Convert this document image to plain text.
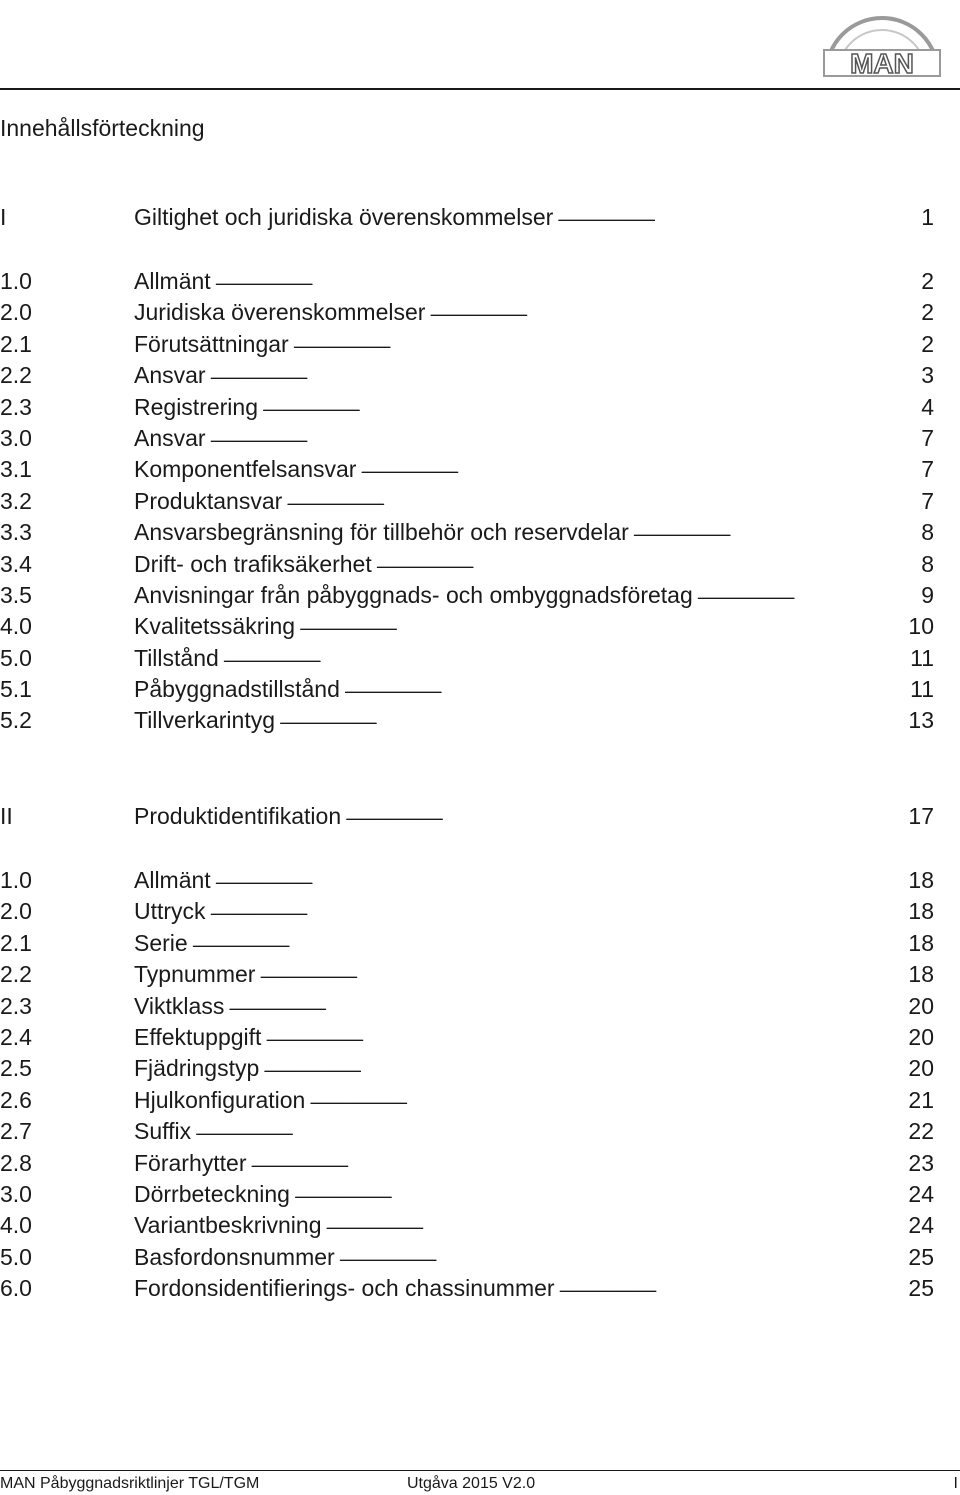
MAN
Innehållsförteckning
I	Giltighet och juridiska överenskommelser . . .	1
1.0	Allmänt . . .	2
2.0	Juridiska överenskommelser . . .	2
2.1	Förutsättningar . . .	2
2.2	Ansvar . . .	3
2.3	Registrering . . .	4
3.0	Ansvar . . .	7
3.1	Komponentfelsansvar . . .	7
3.2	Produktansvar . . .	7
3.3	Ansvarsbegränsning för tillbehör och reservdelar . . .	8
3.4	Drift- och trafiksäkerhet . . .	8
3.5	Anvisningar från påbyggnads- och ombyggnadsföretag . . .	9
4.0	Kvalitetssäkring . . .	10
5.0	Tillstånd . . .	11
5.1	Påbyggnadstillstånd . . .	11
5.2	Tillverkarintyg . . .	13
II	Produktidentifikation . . .	17
1.0	Allmänt . . .	18
2.0	Uttryck . . .	18
2.1	Serie . . .	18
2.2	Typnummer . . .	18
2.3	Viktklass . . .	20
2.4	Effektuppgift . . .	20
2.5	Fjädringstyp . . .	20
2.6	Hjulkonfiguration . . .	21
2.7	Suffix . . .	22
2.8	Förarhytter . . .	23
3.0	Dörrbeteckning . . .	24
4.0	Variantbeskrivning . . .	24
5.0	Basfordonsnummer . . .	25
6.0	Fordonsidentifierings- och chassinummer . . .	25
MAN Påbyggnadsriktlinjer TGL/TGM	Utgåva 2015 V2.0	I
